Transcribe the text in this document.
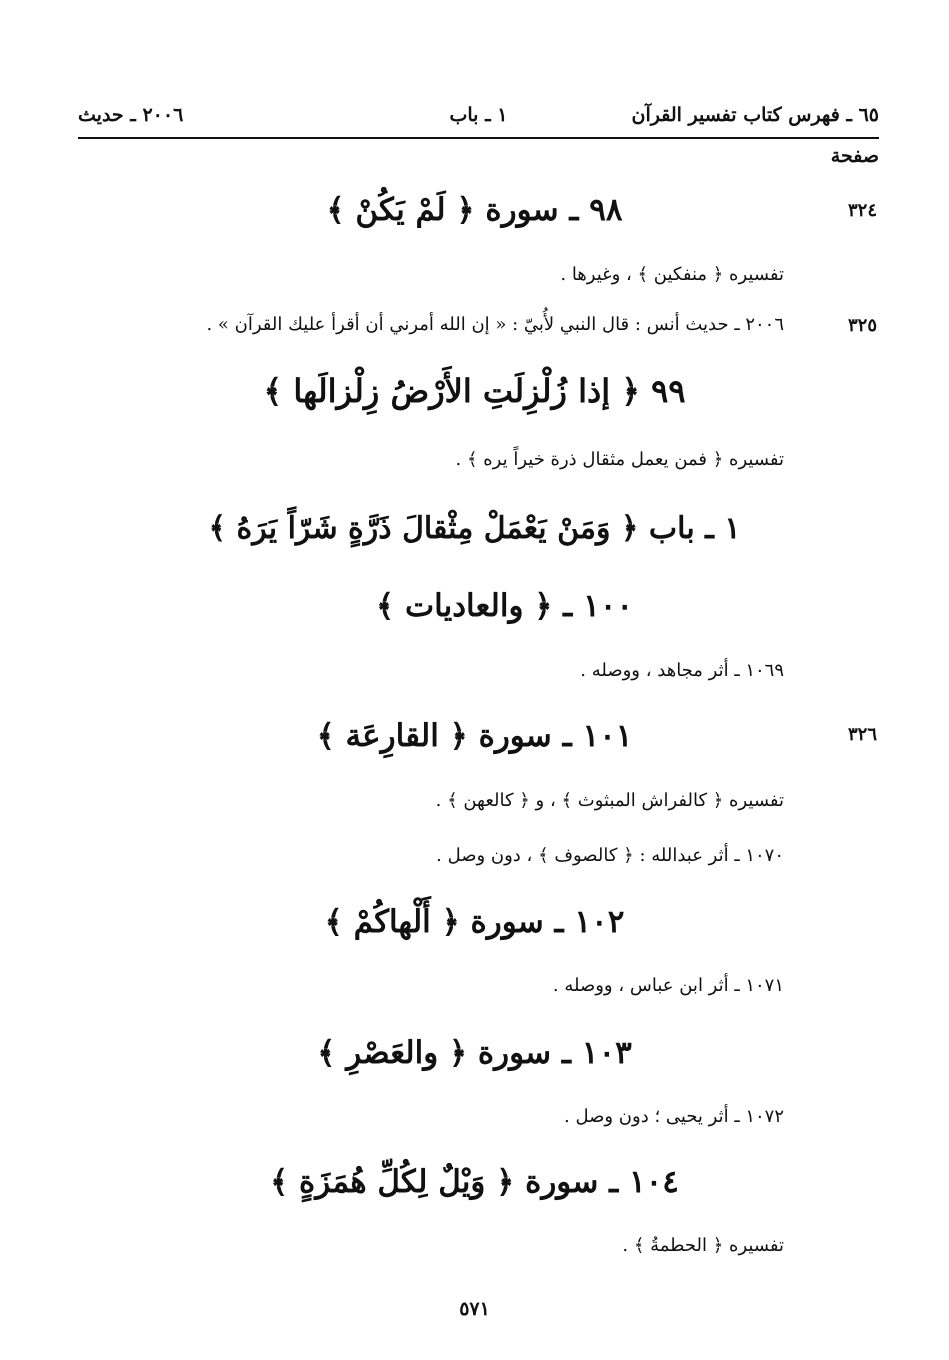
٦٥ ـ فهرس كتاب تفسير القرآن
١ ـ باب
٢٠٠٦ ـ حديث
صفحة
٣٢٤
٣٢٥
٣٢٦
٩٨ ـ سورة ﴿ لَمْ يَكُنْ ﴾
تفسيره ﴿ منفكين ﴾ ، وغيرها .
٢٠٠٦ ـ حديث أنس : قال النبي لأُبيّ : « إن الله أمرني أن أقرأ عليك القرآن » .
٩٩ ﴿ إذا زُلْزِلَتِ الأَرْضُ زِلْزالَها ﴾
تفسيره ﴿ فمن يعمل مثقال ذرة خيراً يره ﴾ .
١ ـ باب ﴿ وَمَنْ يَعْمَلْ مِثْقالَ ذَرَّةٍ شَرّاً يَرَهُ ﴾
١٠٠ ـ ﴿ والعاديات ﴾
١٠٦٩ ـ أثر مجاهد ، ووصله .
١٠١ ـ سورة ﴿ القارِعَة ﴾
تفسيره ﴿ كالفراش المبثوث ﴾ ، و ﴿ كالعهن ﴾ .
١٠٧٠ ـ أثر عبدالله : ﴿ كالصوف ﴾ ، دون وصل .
١٠٢ ـ سورة ﴿ أَلْهاكُمْ ﴾
١٠٧١ ـ أثر ابن عباس ، ووصله .
١٠٣ ـ سورة ﴿ والعَصْرِ ﴾
١٠٧٢ ـ أثر يحيى ؛ دون وصل .
١٠٤ ـ سورة ﴿ وَيْلٌ لِكُلِّ هُمَزَةٍ ﴾
تفسيره ﴿ الحطمةُ ﴾ .
٥٧١
